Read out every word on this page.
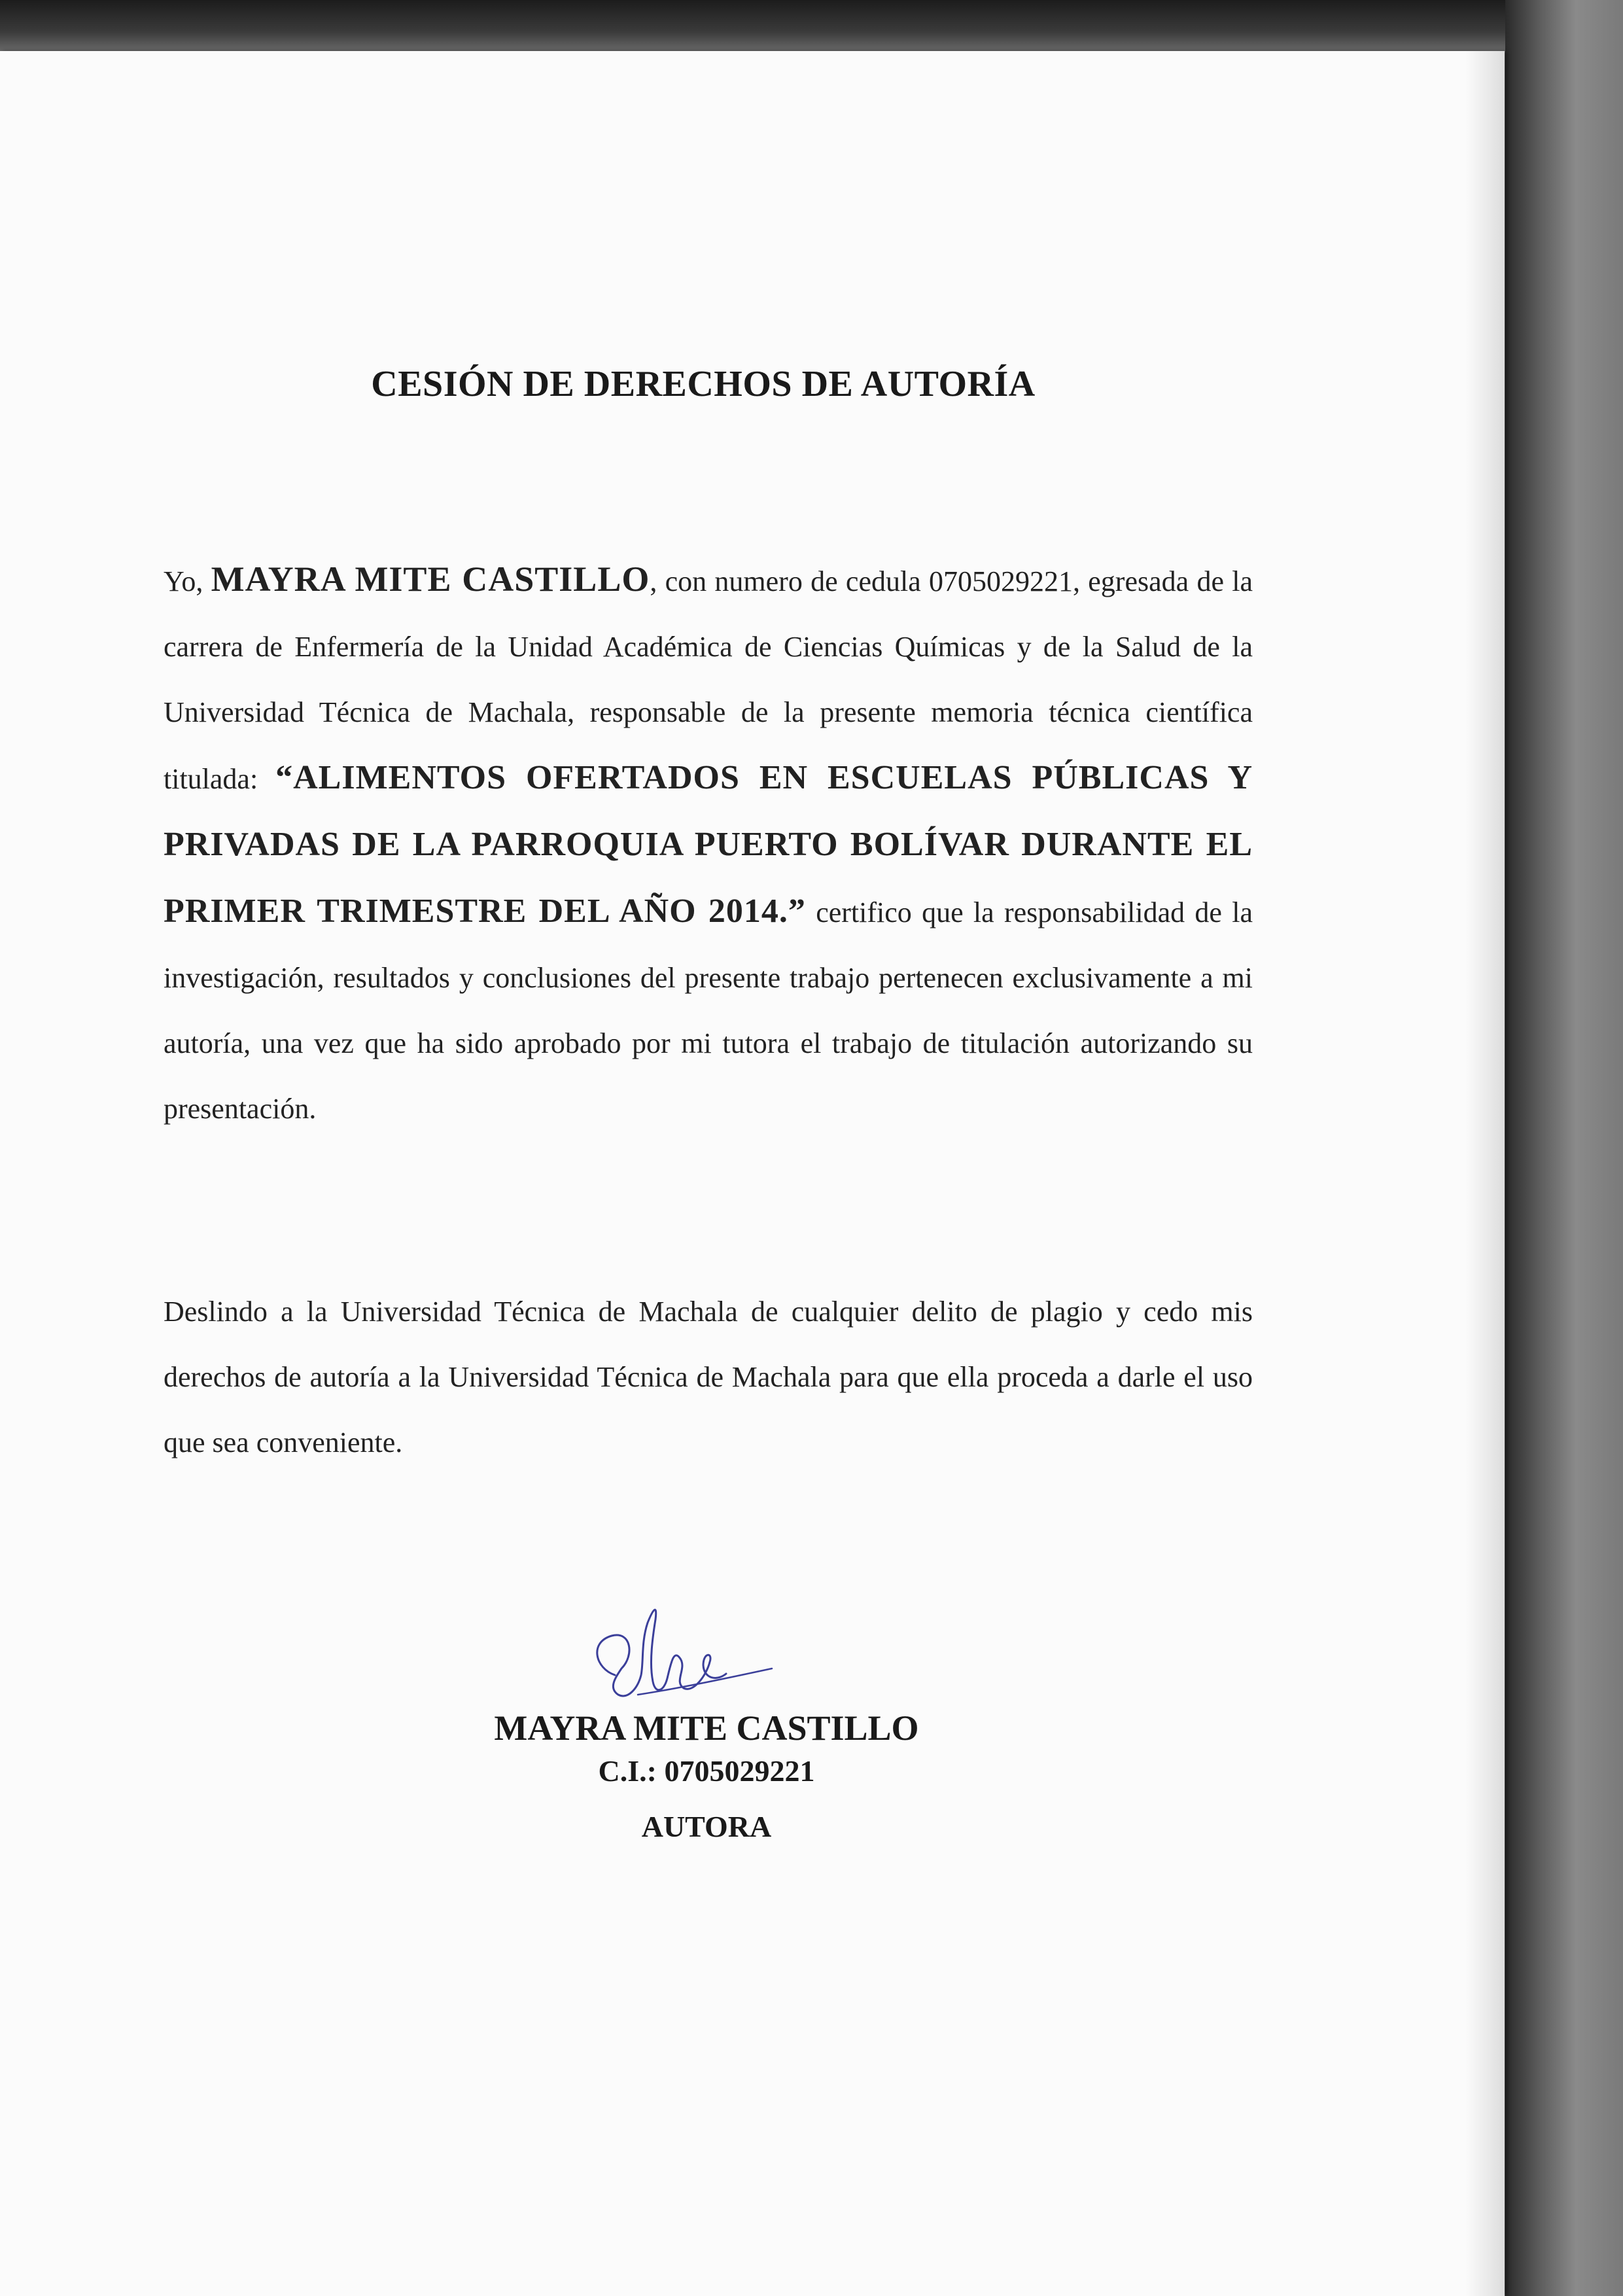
CESIÓN DE DERECHOS DE AUTORÍA
Yo, MAYRA MITE CASTILLO, con numero de cedula 0705029221, egresada de la carrera de Enfermería de la Unidad Académica de Ciencias Químicas y de la Salud de la Universidad Técnica de Machala, responsable de la presente memoria técnica científica titulada: “ALIMENTOS OFERTADOS EN ESCUELAS PÚBLICAS Y PRIVADAS DE LA PARROQUIA PUERTO BOLÍVAR DURANTE EL PRIMER TRIMESTRE DEL AÑO 2014.” certifico que la responsabilidad de la investigación, resultados y conclusiones del presente trabajo pertenecen exclusivamente a mi autoría, una vez que ha sido aprobado por mi tutora el trabajo de titulación autorizando su presentación.
Deslindo a la Universidad Técnica de Machala de cualquier delito de plagio y cedo mis derechos de autoría a la Universidad Técnica de Machala para que ella proceda a darle el uso que sea conveniente.
MAYRA MITE CASTILLO
C.I.: 0705029221
AUTORA
